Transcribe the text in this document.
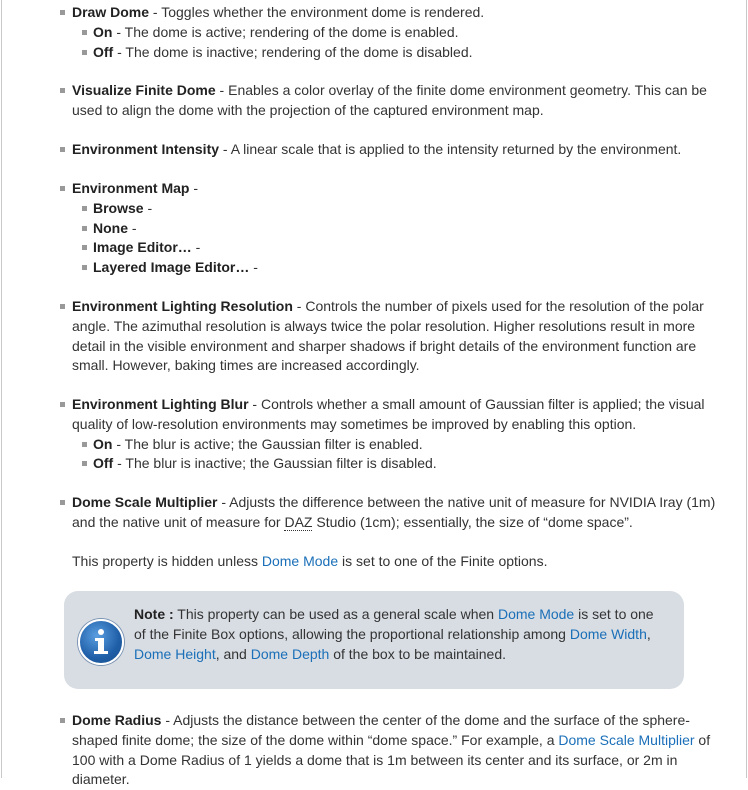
Draw Dome - Toggles whether the environment dome is rendered.
On - The dome is active; rendering of the dome is enabled.
Off - The dome is inactive; rendering of the dome is disabled.
Visualize Finite Dome - Enables a color overlay of the finite dome environment geometry. This can be used to align the dome with the projection of the captured environment map.
Environment Intensity - A linear scale that is applied to the intensity returned by the environment.
Environment Map -
Browse -
None -
Image Editor… -
Layered Image Editor… -
Environment Lighting Resolution - Controls the number of pixels used for the resolution of the polar angle. The azimuthal resolution is always twice the polar resolution. Higher resolutions result in more detail in the visible environment and sharper shadows if bright details of the environment function are small. However, baking times are increased accordingly.
Environment Lighting Blur - Controls whether a small amount of Gaussian filter is applied; the visual quality of low-resolution environments may sometimes be improved by enabling this option.
On - The blur is active; the Gaussian filter is enabled.
Off - The blur is inactive; the Gaussian filter is disabled.
Dome Scale Multiplier - Adjusts the difference between the native unit of measure for NVIDIA Iray (1m) and the native unit of measure for DAZ Studio (1cm); essentially, the size of “dome space”.
This property is hidden unless Dome Mode is set to one of the Finite options.
Note : This property can be used as a general scale when Dome Mode is set to one of the Finite Box options, allowing the proportional relationship among Dome Width, Dome Height, and Dome Depth of the box to be maintained.
Dome Radius - Adjusts the distance between the center of the dome and the surface of the sphere-shaped finite dome; the size of the dome within “dome space.” For example, a Dome Scale Multiplier of 100 with a Dome Radius of 1 yields a dome that is 1m between its center and its surface, or 2m in diameter.
